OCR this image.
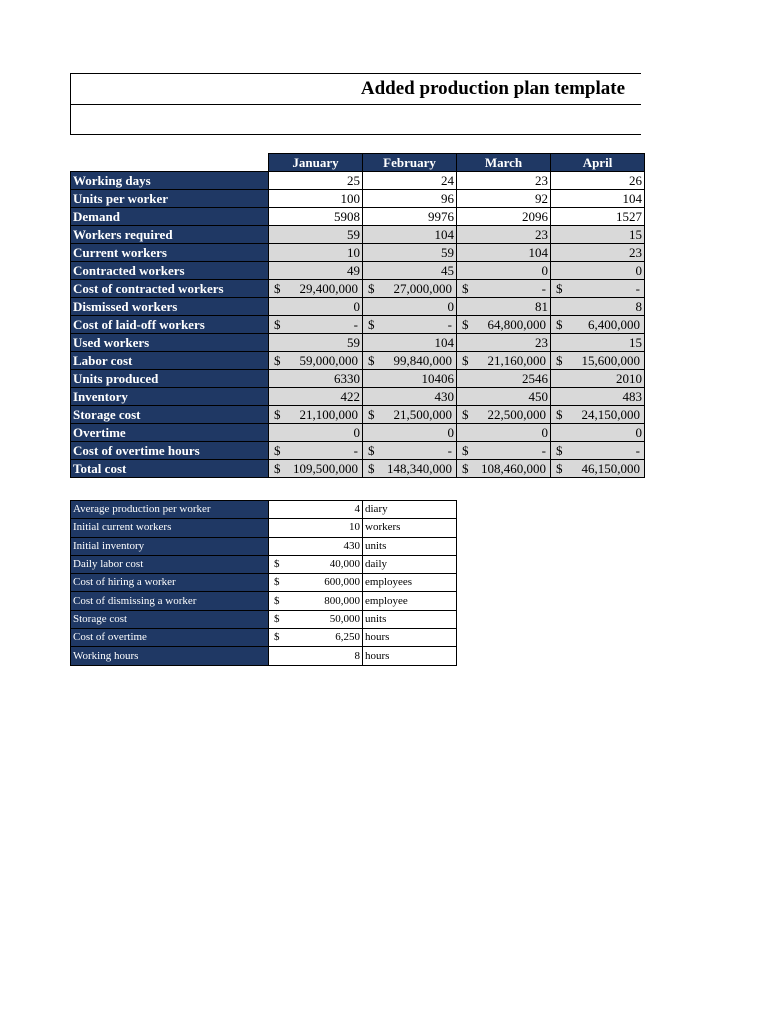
Added production plan template
	January	February	March	April
Working days	25	24	23	26
Units per worker	100	96	92	104
Demand	5908	9976	2096	1527
Workers required	59	104	23	15
Current workers	10	59	104	23
Contracted workers	49	45	0	0
Cost of contracted workers	$ 29,400,000	$ 27,000,000	$ -	$ -

Dismissed workers	0	0	81	8
Cost of laid-off workers	$ -	$ -	$ 64,800,000	$ 6,400,000

Used workers	59	104	23	15
Labor cost	$ 59,000,000	$ 99,840,000	$ 21,160,000	$ 15,600,000

Units produced	6330	10406	2546	2010
Inventory	422	430	450	483
Storage cost	$ 21,100,000	$ 21,500,000	$ 22,500,000	$ 24,150,000

Overtime	0	0	0	0
Cost of overtime hours	$ -	$ -	$ -	$ -

Total cost	$ 109,500,000	$ 148,340,000	$ 108,460,000	$ 46,150,000
Average production per worker	4	diary
Initial current workers	10	workers
Initial inventory	430	units
Daily labor cost	$ 40,000	daily
Cost of hiring a worker	$ 600,000	employees
Cost of dismissing a worker	$ 800,000	employee
Storage cost	$ 50,000	units
Cost of overtime	$ 6,250	hours
Working hours	8	hours
